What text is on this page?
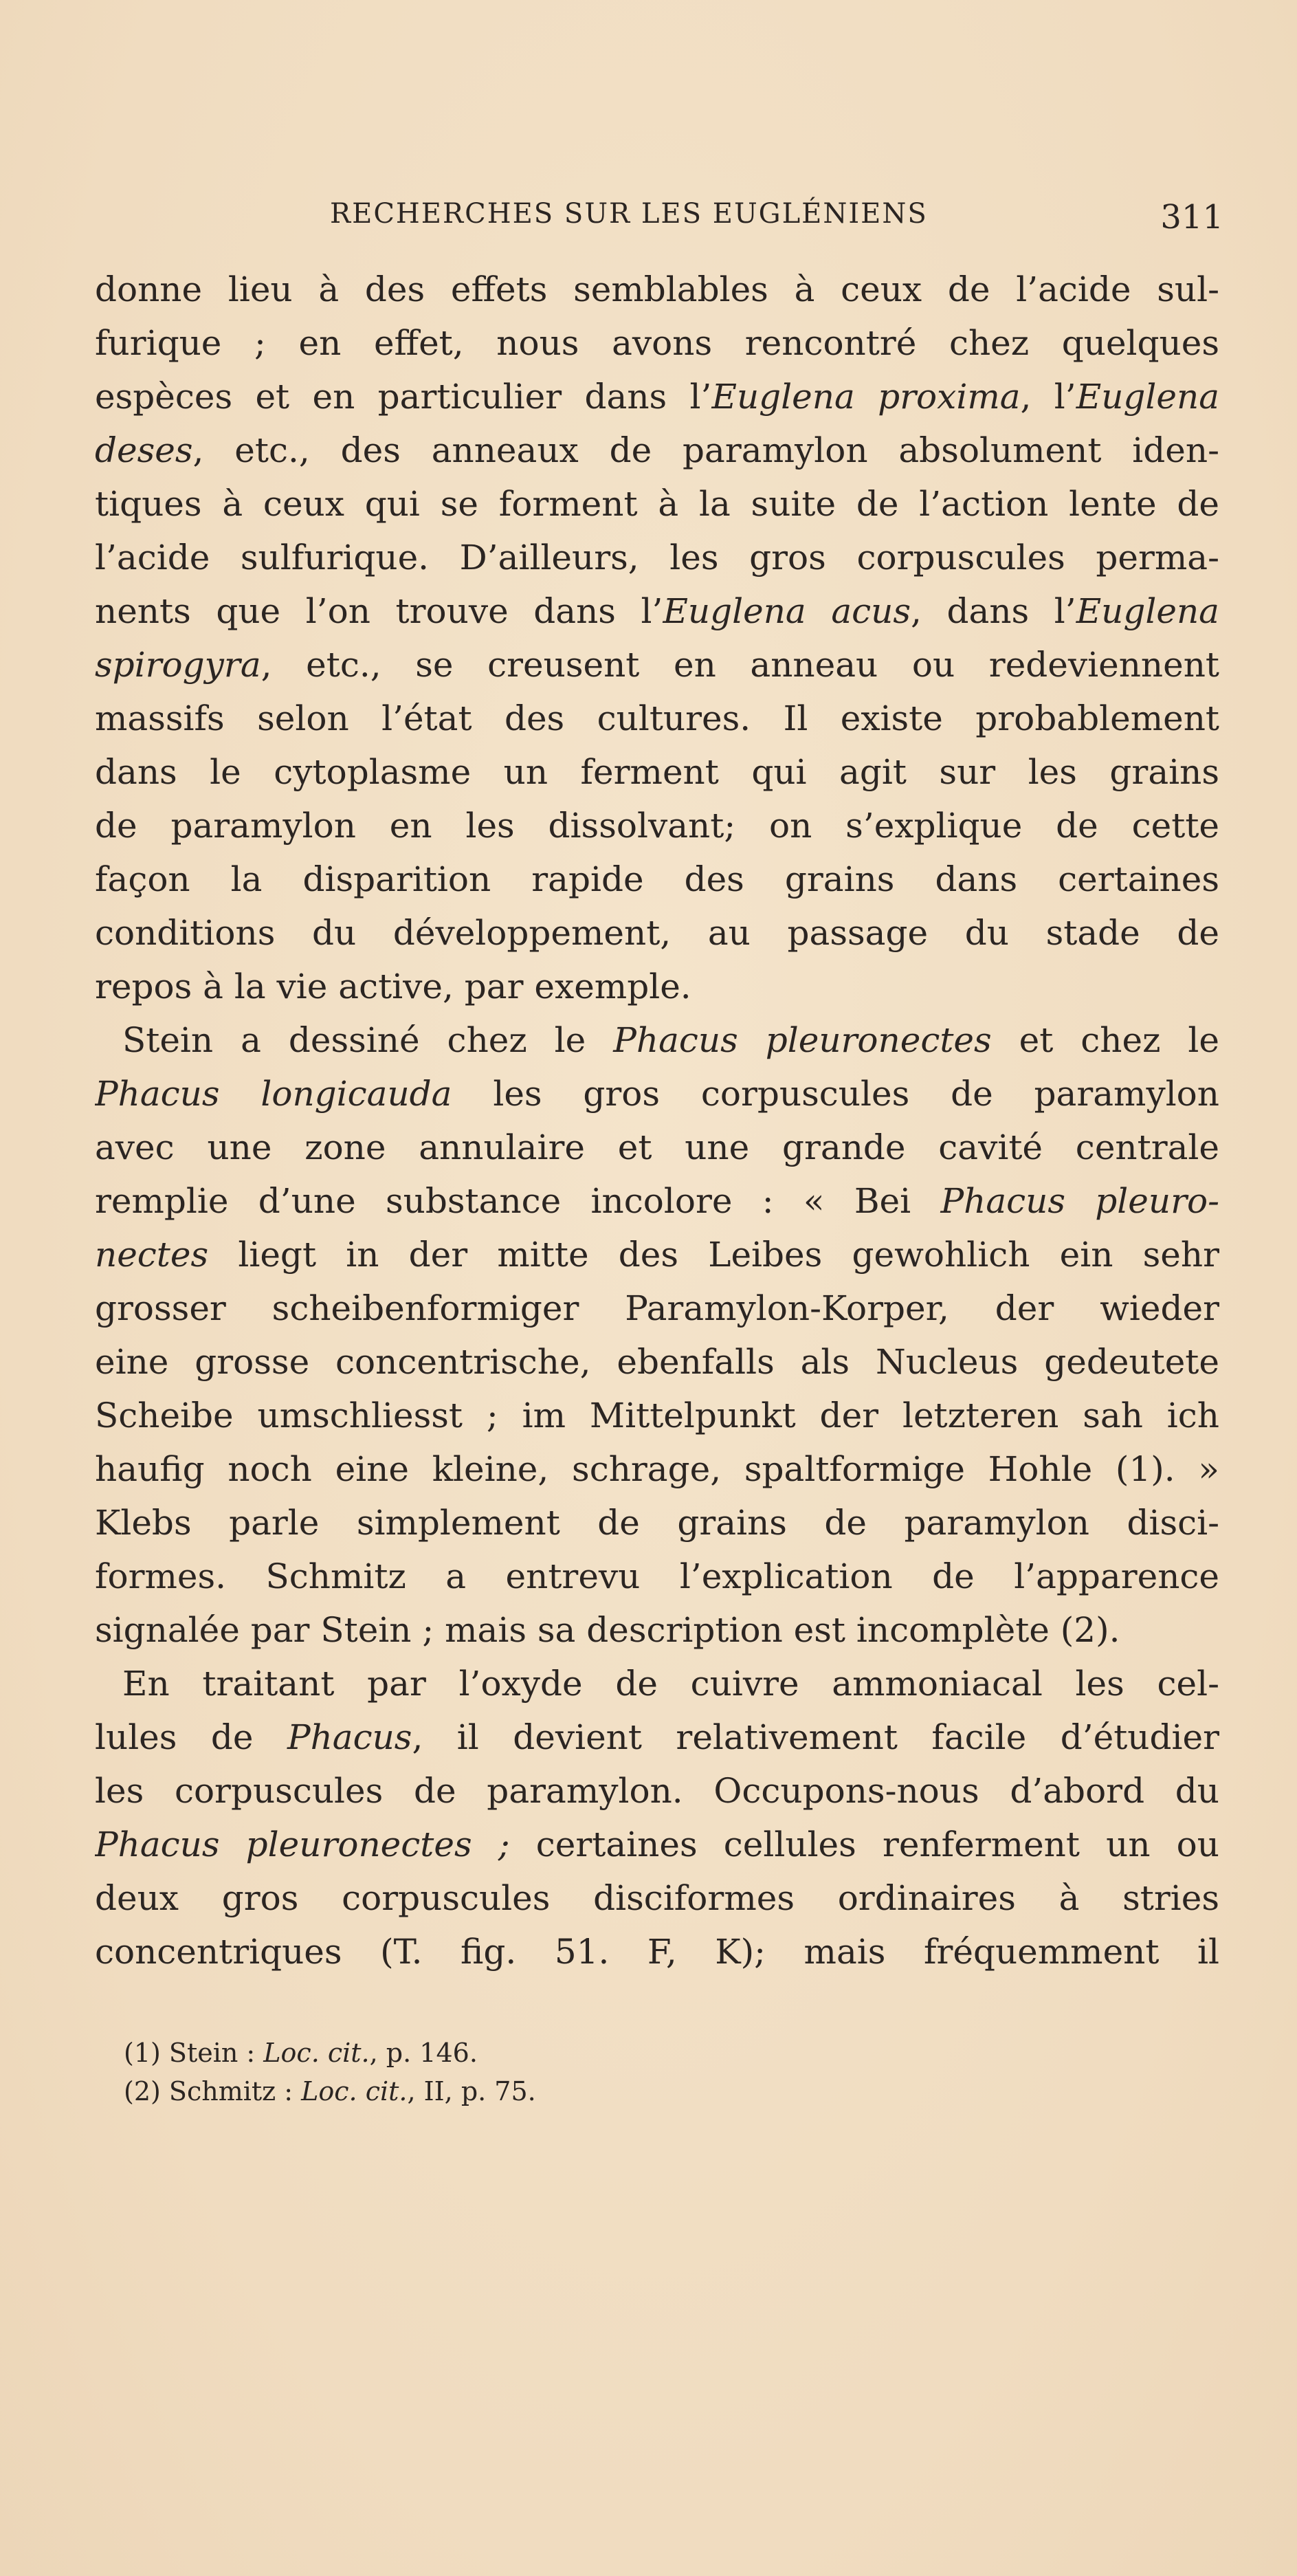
RECHERCHES SUR LES EUGLÉNIENS	311
donne lieu à des effets semblables à ceux de l’acide sul-
furique ; en effet, nous avons rencontré chez quelques
espèces et en particulier dans l’Euglena proxima, l’Euglena
deses, etc., des anneaux de paramylon absolument iden-
tiques à ceux qui se forment à la suite de l’action lente de
l’acide sulfurique. D’ailleurs, les gros corpuscules perma-
nents que l’on trouve dans l’Euglena acus, dans l’Euglena
spirogyra, etc., se creusent en anneau ou redeviennent
massifs selon l’état des cultures. Il existe probablement
dans le cytoplasme un ferment qui agit sur les grains
de paramylon en les dissolvant; on s’explique de cette
façon la disparition rapide des grains dans certaines
conditions du développement, au passage du stade de
repos à la vie active, par exemple.
Stein a dessiné chez le Phacus pleuronectes et chez le
Phacus longicauda les gros corpuscules de paramylon
avec une zone annulaire et une grande cavité centrale
remplie d’une substance incolore : « Bei Phacus pleuro-
nectes liegt in der mitte des Leibes gewohlich ein sehr
grosser scheibenformiger Paramylon-Korper, der wieder
eine grosse concentrische, ebenfalls als Nucleus gedeutete
Scheibe umschliesst ; im Mittelpunkt der letzteren sah ich
haufig noch eine kleine, schrage, spaltformige Hohle (1). »
Klebs parle simplement de grains de paramylon disci-
formes. Schmitz a entrevu l’explication de l’apparence
signalée par Stein ; mais sa description est incomplète (2).
En traitant par l’oxyde de cuivre ammoniacal les cel-
lules de Phacus, il devient relativement facile d’étudier
les corpuscules de paramylon. Occupons-nous d’abord du
Phacus pleuronectes ; certaines cellules renferment un ou
deux gros corpuscules disciformes ordinaires à stries
concentriques (T. fig. 51. F, K); mais fréquemment il
(1) Stein : Loc. cit., p. 146.
(2) Schmitz : Loc. cit., II, p. 75.
